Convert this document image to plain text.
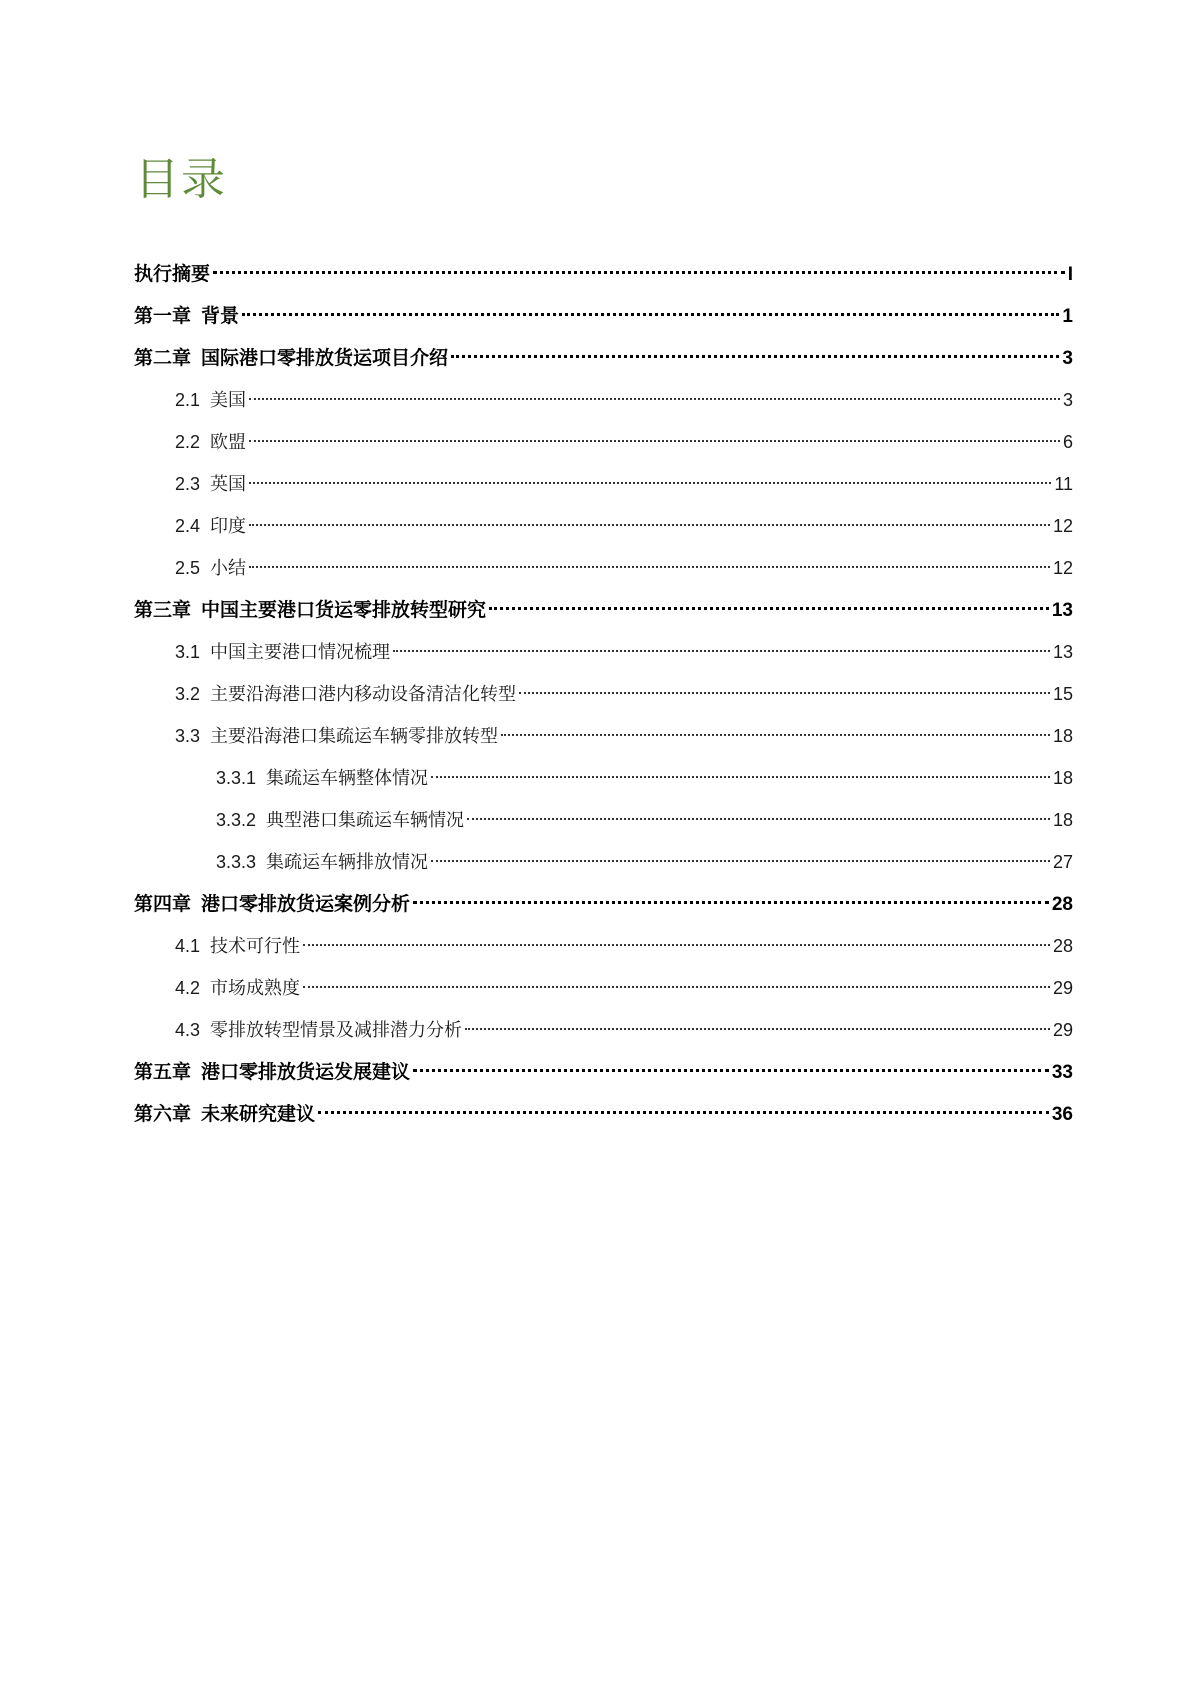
目录
执行摘要	I
第一章 背景	1
第二章 国际港口零排放货运项目介绍	3
2.1 美国	3
2.2 欧盟	6
2.3 英国	11
2.4 印度	12
2.5 小结	12
第三章 中国主要港口货运零排放转型研究	13
3.1 中国主要港口情况梳理	13
3.2 主要沿海港口港内移动设备清洁化转型	15
3.3 主要沿海港口集疏运车辆零排放转型	18
3.3.1 集疏运车辆整体情况	18
3.3.2 典型港口集疏运车辆情况	18
3.3.3 集疏运车辆排放情况	27
第四章 港口零排放货运案例分析	28
4.1 技术可行性	28
4.2 市场成熟度	29
4.3 零排放转型情景及减排潜力分析	29
第五章 港口零排放货运发展建议	33
第六章 未来研究建议	36
